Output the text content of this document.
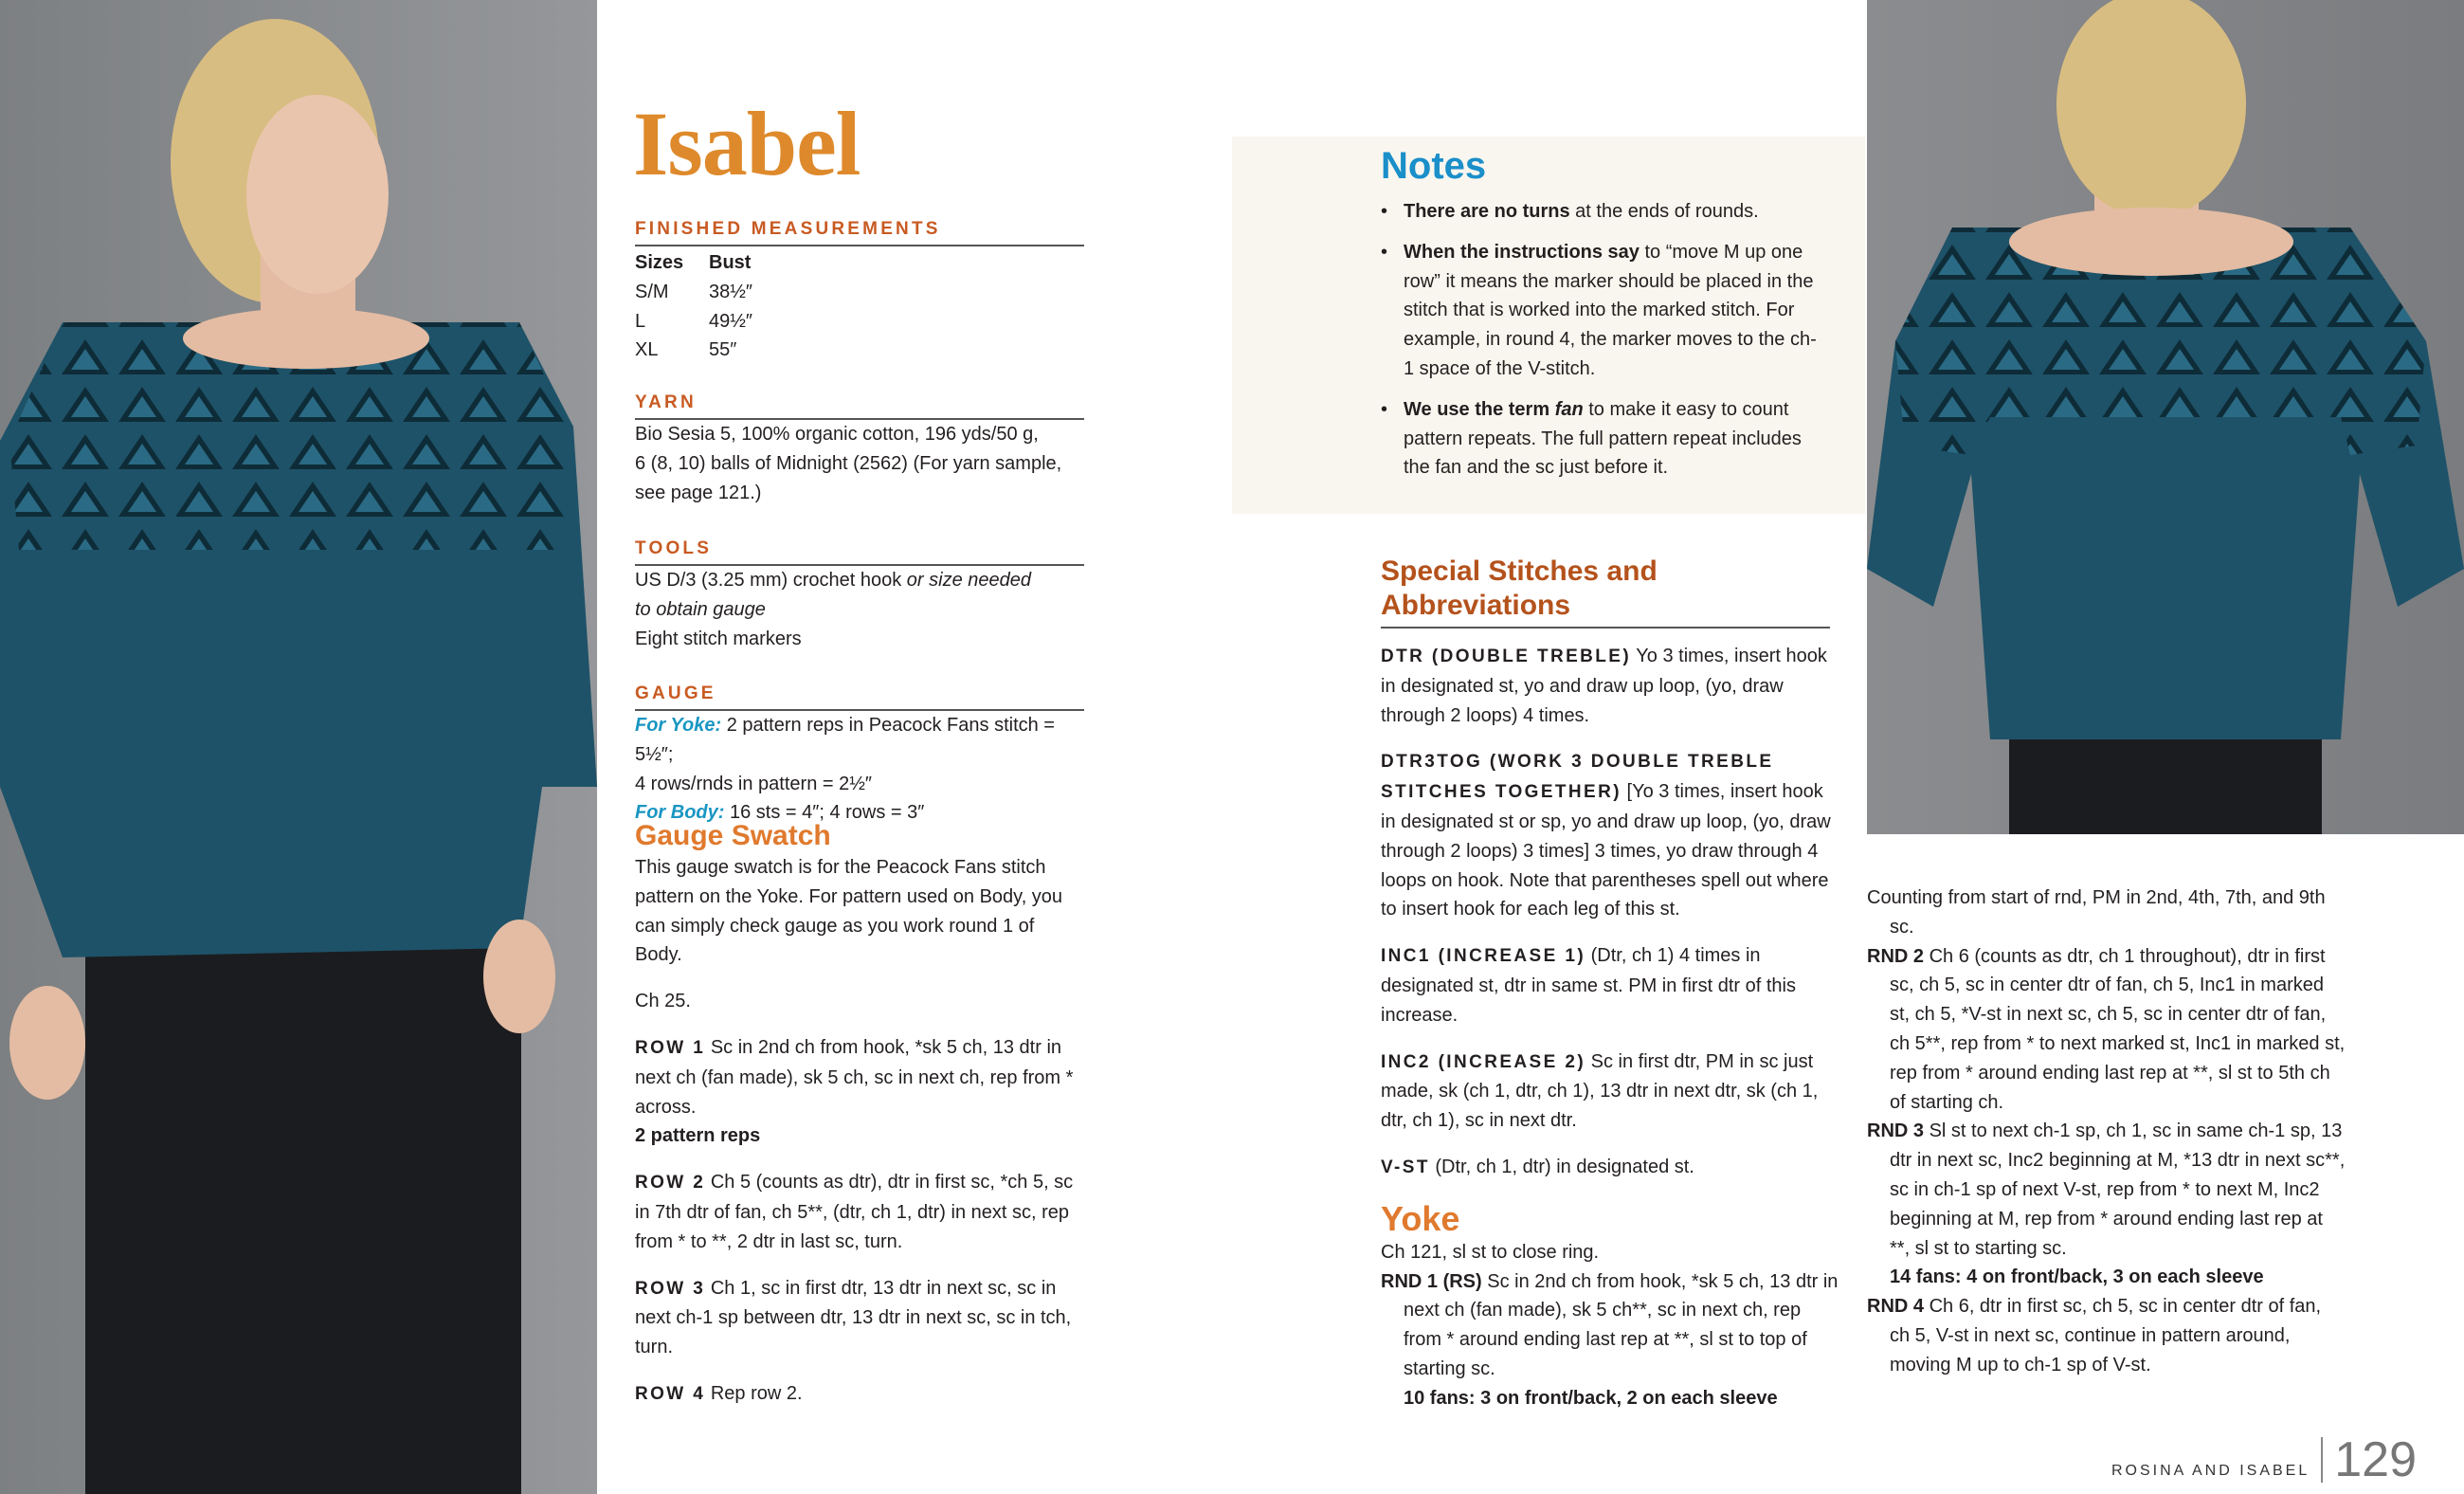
Isabel
FINISHED MEASUREMENTS
Sizes	Bust
S/M	38½″
L	49½″
XL	55″
YARN
Bio Sesia 5, 100% organic cotton, 196 yds/50 g,
6 (8, 10) balls of Midnight (2562) (For yarn sample,
see page 121.)
TOOLS
US D/3 (3.25 mm) crochet hook or size needed to obtain gauge
Eight stitch markers
GAUGE
For Yoke: 2 pattern reps in Peacock Fans stitch = 5½″;
4 rows/rnds in pattern = 2½″
For Body: 16 sts = 4″; 4 rows = 3″
Gauge Swatch

This gauge swatch is for the Peacock Fans stitch pattern on the Yoke. For pattern used on Body, you can simply check gauge as you work round 1 of Body.

Ch 25.

ROW 1 Sc in 2nd ch from hook, *sk 5 ch, 13 dtr in next ch (fan made), sk 5 ch, sc in next ch, rep from * across.
2 pattern reps

ROW 2 Ch 5 (counts as dtr), dtr in first sc, *ch 5, sc in 7th dtr of fan, ch 5**, (dtr, ch 1, dtr) in next sc, rep from * to **, 2 dtr in last sc, turn.

ROW 3 Ch 1, sc in first dtr, 13 dtr in next sc, sc in next ch-1 sp between dtr, 13 dtr in next sc, sc in tch, turn.

ROW 4 Rep row 2.

Notes
• There are no turns at the ends of rounds.
• When the instructions say to “move M up one row” it means the marker should be placed in the stitch that is worked into the marked stitch. For example, in round 4, the marker moves to the ch-1 space of the V-stitch.
• We use the term fan to make it easy to count pattern repeats. The full pattern repeat includes the fan and the sc just before it.
Special Stitches and Abbreviations

DTR (DOUBLE TREBLE) Yo 3 times, insert hook in designated st, yo and draw up loop, (yo, draw through 2 loops) 4 times.

DTR3TOG (WORK 3 DOUBLE TREBLE STITCHES TOGETHER) [Yo 3 times, insert hook in designated st or sp, yo and draw up loop, (yo, draw through 2 loops) 3 times] 3 times, yo draw through 4 loops on hook. Note that parentheses spell out where to insert hook for each leg of this st.

INC1 (INCREASE 1) (Dtr, ch 1) 4 times in designated st, dtr in same st. PM in first dtr of this increase.

INC2 (INCREASE 2) Sc in first dtr, PM in sc just made, sk (ch 1, dtr, ch 1), 13 dtr in next dtr, sk (ch 1, dtr, ch 1), sc in next dtr.

V-ST (Dtr, ch 1, dtr) in designated st.

Yoke
Ch 121, sl st to close ring.
RND 1 (RS) Sc in 2nd ch from hook, *sk 5 ch, 13 dtr in next ch (fan made), sk 5 ch**, sc in next ch, rep from * around ending last rep at **, sl st to top of starting sc.
10 fans: 3 on front/back, 2 on each sleeve
Counting from start of rnd, PM in 2nd, 4th, 7th, and 9th sc.
RND 2 Ch 6 (counts as dtr, ch 1 throughout), dtr in first sc, ch 5, sc in center dtr of fan, ch 5, Inc1 in marked st, ch 5, *V-st in next sc, ch 5, sc in center dtr of fan, ch 5**, rep from * to next marked st, Inc1 in marked st, rep from * around ending last rep at **, sl st to 5th ch of starting ch.
RND 3 Sl st to next ch-1 sp, ch 1, sc in same ch-1 sp, 13 dtr in next sc, Inc2 beginning at M, *13 dtr in next sc**, sc in ch-1 sp of next V-st, rep from * to next M, Inc2 beginning at M, rep from * around ending last rep at **, sl st to starting sc.
14 fans: 4 on front/back, 3 on each sleeve
RND 4 Ch 6, dtr in first sc, ch 5, sc in center dtr of fan, ch 5, V-st in next sc, continue in pattern around, moving M up to ch-1 sp of V-st.
ROSINA AND ISABEL 129
